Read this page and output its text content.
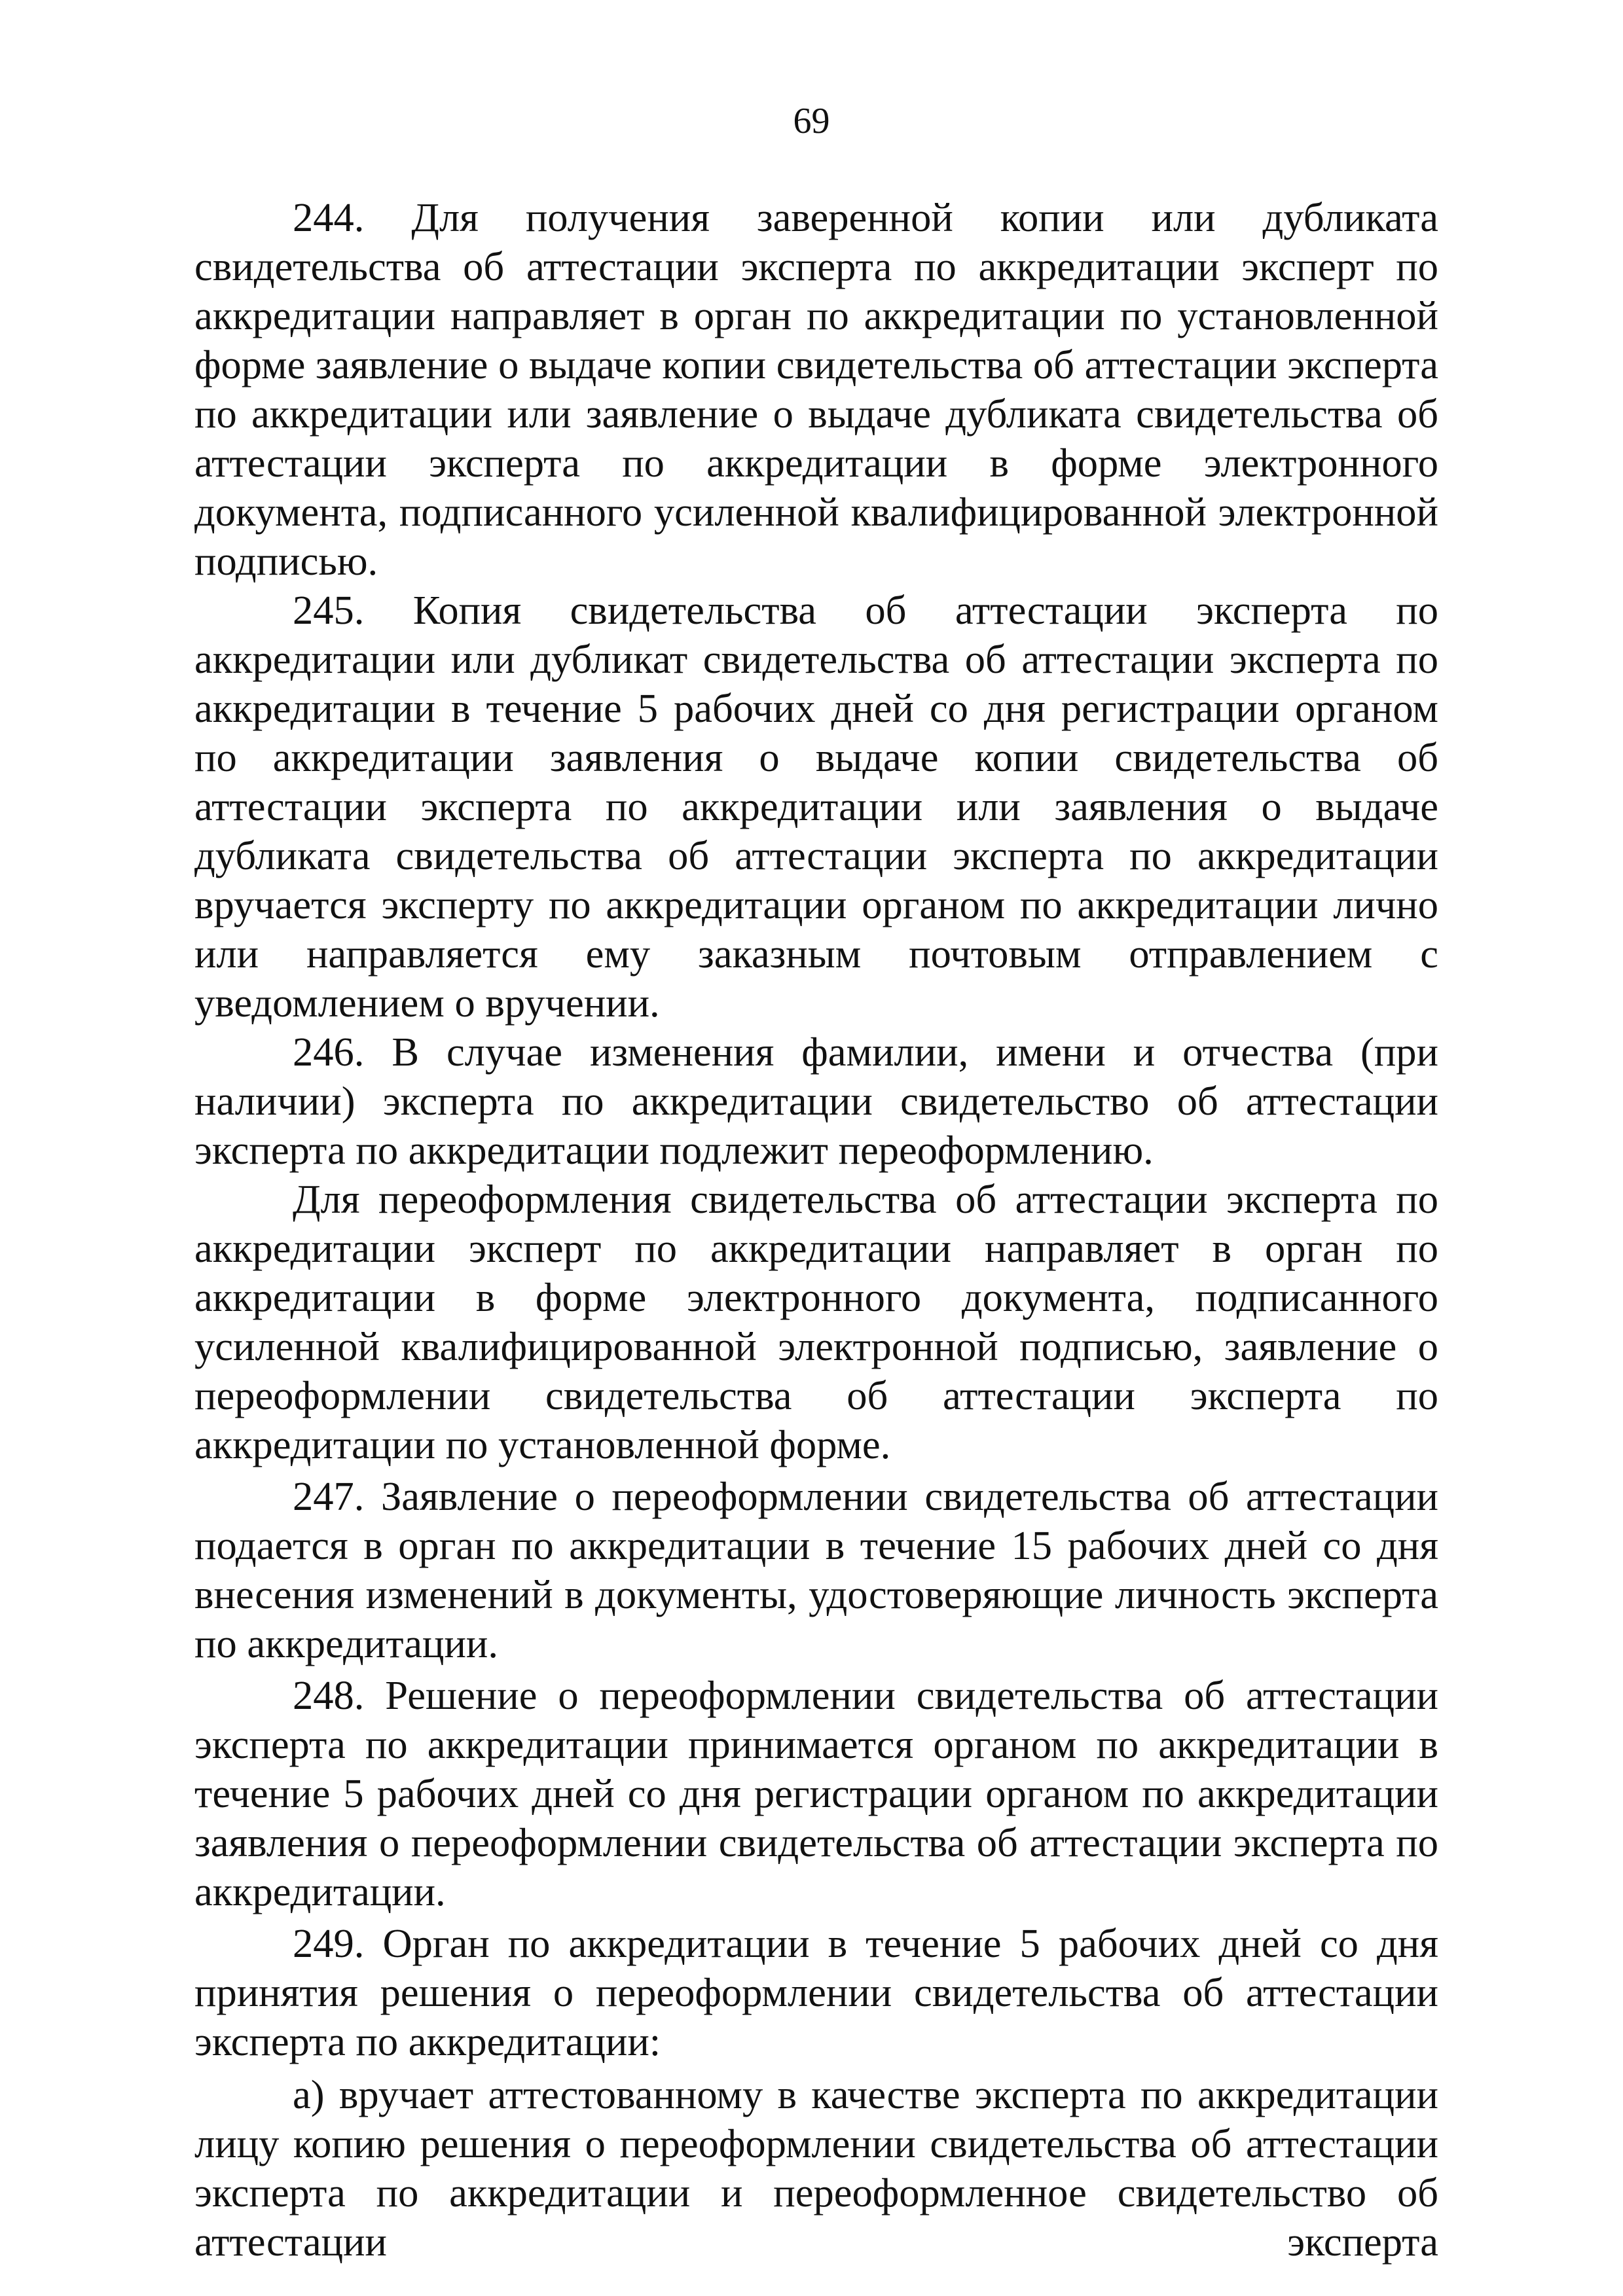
69

244. Для получения заверенной копии или дубликата свидетельства об аттестации эксперта по аккредитации эксперт по аккредитации направляет в орган по аккредитации по установленной форме заявление о выдаче копии свидетельства об аттестации эксперта по аккредитации или заявление о выдаче дубликата свидетельства об аттестации эксперта по аккредитации в форме электронного документа, подписанного усиленной квалифицированной электронной подписью.

245. Копия свидетельства об аттестации эксперта по аккредитации или дубликат свидетельства об аттестации эксперта по аккредитации в течение 5 рабочих дней со дня регистрации органом по аккредитации заявления о выдаче копии свидетельства об аттестации эксперта по аккредитации или заявления о выдаче дубликата свидетельства об аттестации эксперта по аккредитации вручается эксперту по аккредитации органом по аккредитации лично или направляется ему заказным почтовым отправлением с уведомлением о вручении.

246. В случае изменения фамилии, имени и отчества (при наличии) эксперта по аккредитации свидетельство об аттестации эксперта по аккредитации подлежит переоформлению.

Для переоформления свидетельства об аттестации эксперта по аккредитации эксперт по аккредитации направляет в орган по аккредитации в форме электронного документа, подписанного усиленной квалифицированной электронной подписью, заявление о переоформлении свидетельства об аттестации эксперта по аккредитации по установленной форме.

247. Заявление о переоформлении свидетельства об аттестации подается в орган по аккредитации в течение 15 рабочих дней со дня внесения изменений в документы, удостоверяющие личность эксперта по аккредитации.

248. Решение о переоформлении свидетельства об аттестации эксперта по аккредитации принимается органом по аккредитации в течение 5 рабочих дней со дня регистрации органом по аккредитации заявления о переоформлении свидетельства об аттестации эксперта по аккредитации.

249. Орган по аккредитации в течение 5 рабочих дней со дня принятия решения о переоформлении свидетельства об аттестации эксперта по аккредитации:

а) вручает аттестованному в качестве эксперта по аккредитации лицу копию решения о переоформлении свидетельства об аттестации эксперта по аккредитации и переоформленное свидетельство об аттестации эксперта
